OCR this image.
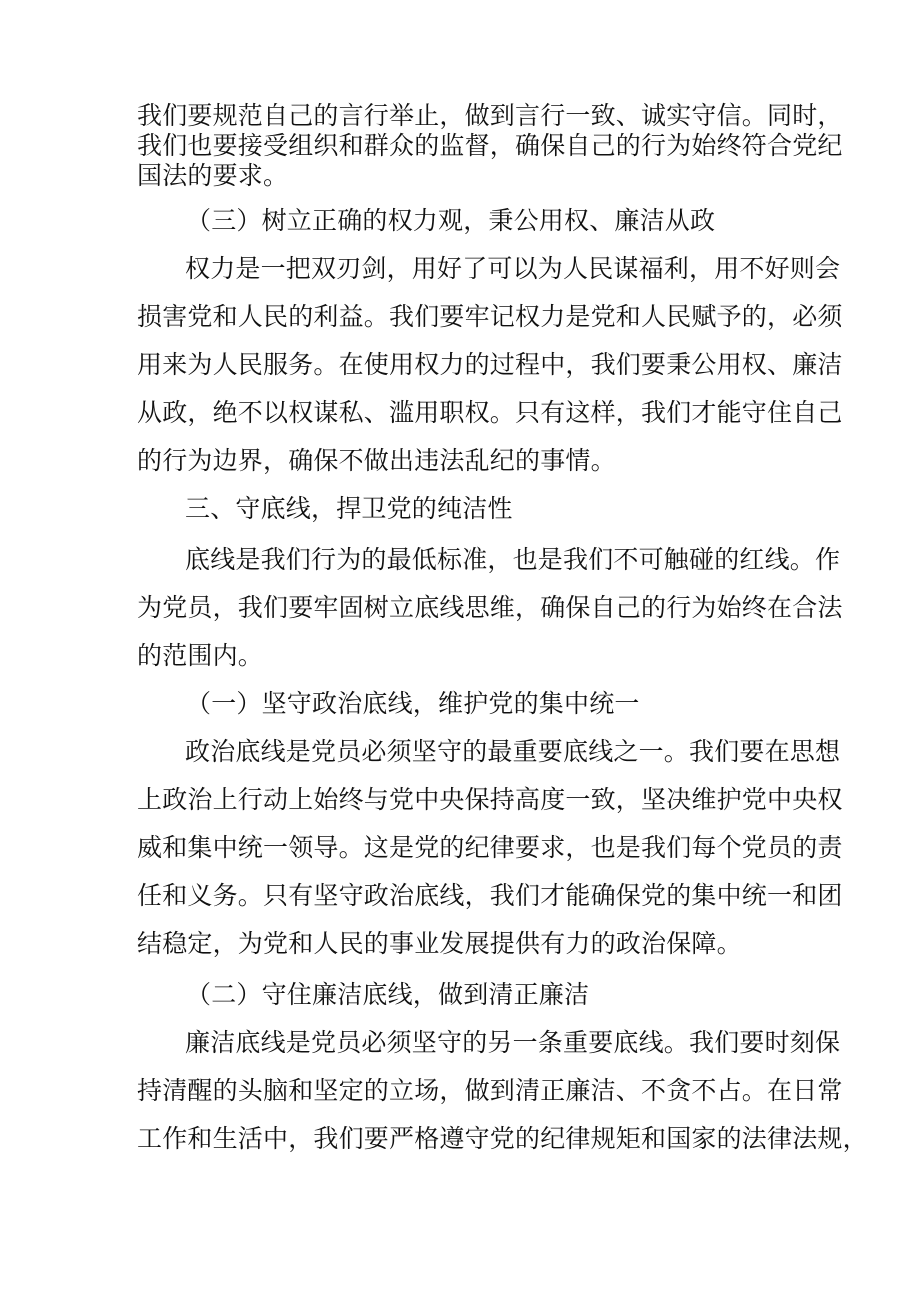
我们要规范自己的言行举止，做到言行一致、诚实守信。同时，
我们也要接受组织和群众的监督，确保自己的行为始终符合党纪
国法的要求。
（三）树立正确的权力观，秉公用权、廉洁从政
权力是一把双刃剑，用好了可以为人民谋福利，用不好则会
损害党和人民的利益。我们要牢记权力是党和人民赋予的，必须
用来为人民服务。在使用权力的过程中，我们要秉公用权、廉洁
从政，绝不以权谋私、滥用职权。只有这样，我们才能守住自己
的行为边界，确保不做出违法乱纪的事情。
三、守底线，捍卫党的纯洁性
底线是我们行为的最低标准，也是我们不可触碰的红线。作
为党员，我们要牢固树立底线思维，确保自己的行为始终在合法
的范围内。
（一）坚守政治底线，维护党的集中统一
政治底线是党员必须坚守的最重要底线之一。我们要在思想
上政治上行动上始终与党中央保持高度一致，坚决维护党中央权
威和集中统一领导。这是党的纪律要求，也是我们每个党员的责
任和义务。只有坚守政治底线，我们才能确保党的集中统一和团
结稳定，为党和人民的事业发展提供有力的政治保障。
（二）守住廉洁底线，做到清正廉洁
廉洁底线是党员必须坚守的另一条重要底线。我们要时刻保
持清醒的头脑和坚定的立场，做到清正廉洁、不贪不占。在日常
工作和生活中，我们要严格遵守党的纪律规矩和国家的法律法规，
